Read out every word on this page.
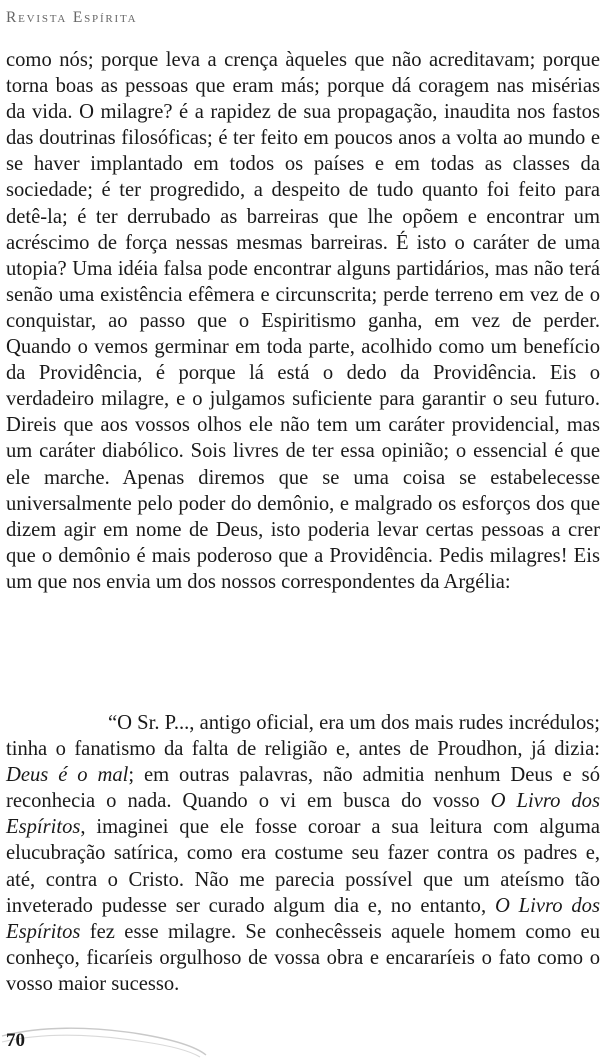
Revista Espírita

como nós; porque leva a crença àqueles que não acreditavam; porque torna boas as pessoas que eram más; porque dá coragem nas misérias da vida. O milagre? é a rapidez de sua propagação, inaudita nos fastos das doutrinas filosóficas; é ter feito em poucos anos a volta ao mundo e se haver implantado em todos os países e em todas as classes da sociedade; é ter progredido, a despeito de tudo quanto foi feito para detê-la; é ter derrubado as barreiras que lhe opõem e encontrar um acréscimo de força nessas mesmas barreiras. É isto o caráter de uma utopia? Uma idéia falsa pode encontrar alguns partidários, mas não terá senão uma existência efêmera e circunscrita; perde terreno em vez de o conquistar, ao passo que o Espiritismo ganha, em vez de perder. Quando o vemos germinar em toda parte, acolhido como um benefício da Providência, é porque lá está o dedo da Providência. Eis o verdadeiro milagre, e o julgamos suficiente para garantir o seu futuro. Direis que aos vossos olhos ele não tem um caráter providencial, mas um caráter diabólico. Sois livres de ter essa opinião; o essencial é que ele marche. Apenas diremos que se uma coisa se estabelecesse universalmente pelo poder do demônio, e malgrado os esforços dos que dizem agir em nome de Deus, isto poderia levar certas pessoas a crer que o demônio é mais poderoso que a Providência. Pedis milagres! Eis um que nos envia um dos nossos correspondentes da Argélia:

“O Sr. P..., antigo oficial, era um dos mais rudes incrédulos; tinha o fanatismo da falta de religião e, antes de Proudhon, já dizia: Deus é o mal; em outras palavras, não admitia nenhum Deus e só reconhecia o nada. Quando o vi em busca do vosso O Livro dos Espíritos, imaginei que ele fosse coroar a sua leitura com alguma elucubração satírica, como era costume seu fazer contra os padres e, até, contra o Cristo. Não me parecia possível que um ateísmo tão inveterado pudesse ser curado algum dia e, no entanto, O Livro dos Espíritos fez esse milagre. Se conhecêsseis aquele homem como eu conheço, ficaríeis orgulhoso de vossa obra e encararíeis o fato como o vosso maior sucesso.

70
